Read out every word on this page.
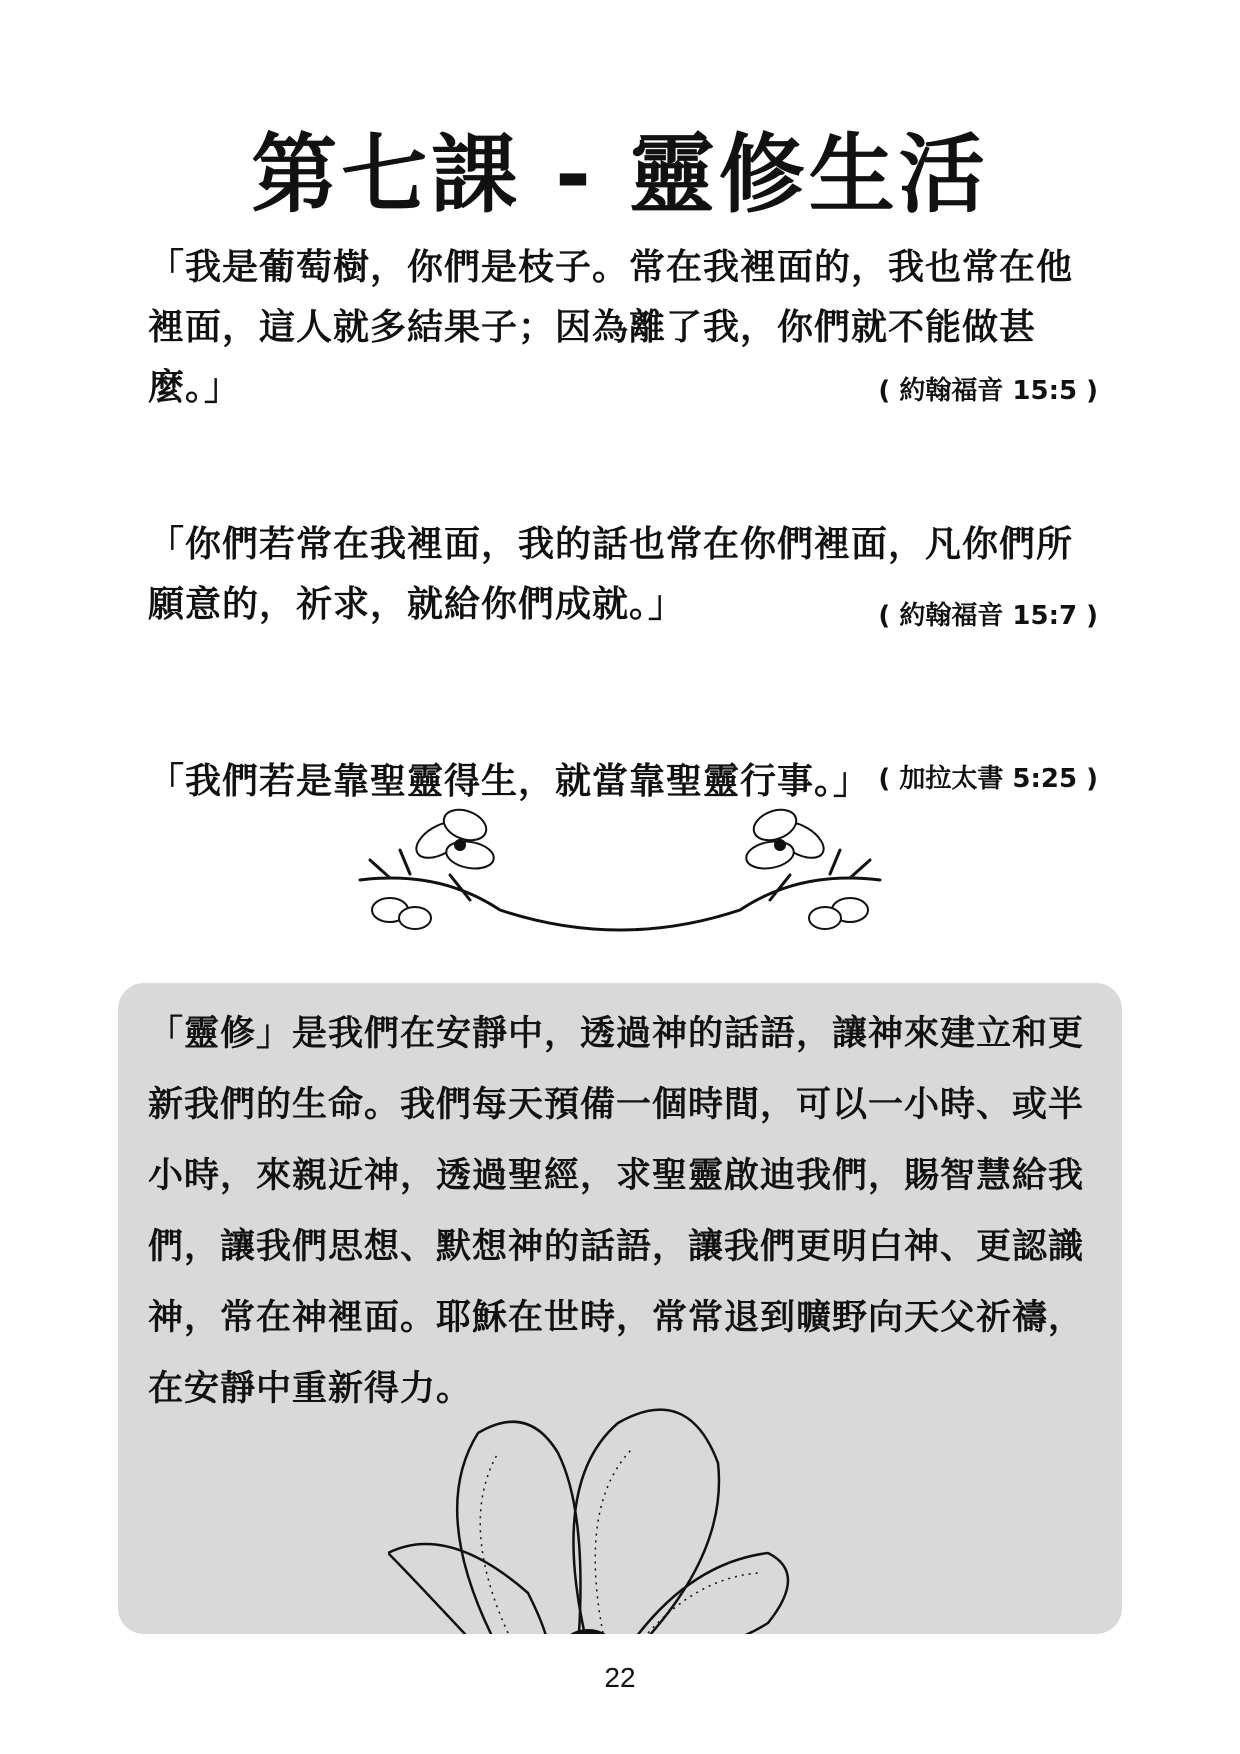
第七課 - 靈修生活
「我是葡萄樹，你們是枝子。常在我裡面的，我也常在他裡面，這人就多結果子；因為離了我，你們就不能做甚麼。」	( 約翰福音 15:5 )
「你們若常在我裡面，我的話也常在你們裡面，凡你們所願意的，祈求，就給你們成就。」	( 約翰福音 15:7 )
「我們若是靠聖靈得生，就當靠聖靈行事。」 ( 加拉太書 5:25 )

「靈修」是我們在安靜中，透過神的話語，讓神來建立和更新我們的生命。我們每天預備一個時間，可以一小時、或半小時，來親近神，透過聖經，求聖靈啟迪我們，賜智慧給我們，讓我們思想、默想神的話語，讓我們更明白神、更認識神，常在神裡面。耶穌在世時，常常退到曠野向天父祈禱，在安靜中重新得力。

22
